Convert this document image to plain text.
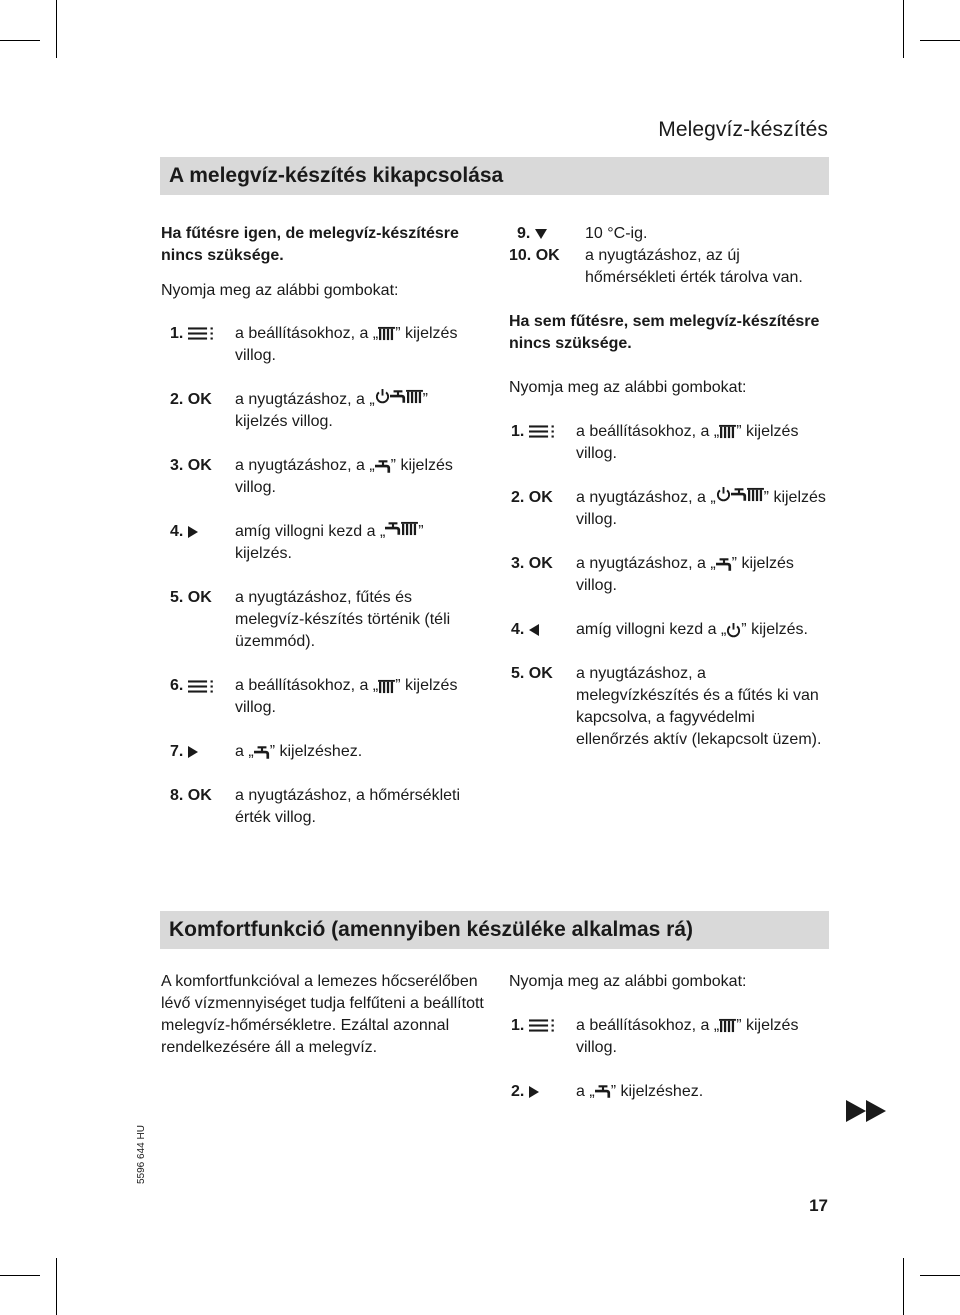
Melegvíz-készítés
A melegvíz-készítés kikapcsolása

Ha fűtésre igen, de melegvíz-készítésre nincs szüksége.

Nyomja meg az alábbi gombokat:

1.	a beállításokhoz, a „ ” kijelzés villog.
2. OK a nyugtázáshoz, a „	” kijelzés villog.
3. OK a nyugtázáshoz, a „ ” kijelzés villog.
4.	amíg villogni kezd a „ ” kijelzés.
5. OK a nyugtázáshoz, fűtés és melegvíz-készítés történik (téli üzemmód).
6.	a beállításokhoz, a „ ” kijelzés villog.
7.	a „ ” kijelzéshez.
8. OK a nyugtázáshoz, a hőmérsékleti érték villog.
9.	10 °C-ig.
10. OK a nyugtázáshoz, az új hőmérsékleti érték tárolva van.

Ha sem fűtésre, sem melegvíz-készítésre nincs szüksége.

Nyomja meg az alábbi gombokat:

1.	a beállításokhoz, a „ ” kijelzés villog.
2. OK a nyugtázáshoz, a „	” kijelzés villog.
3. OK a nyugtázáshoz, a „ ” kijelzés villog.
4.	amíg villogni kezd a „ ” kijelzés.
5. OK a nyugtázáshoz, a melegvízkészítés és a fűtés ki van kapcsolva, a fagyvédelmi ellenőrzés aktív (lekapcsolt üzem).
Komfortfunkció (amennyiben készüléke alkalmas rá)

A komfortfunkcióval a lemezes hőcserélőben lévő vízmennyiséget tudja felfűteni a beállított melegvíz-hőmérsékletre. Ezáltal azonnal rendelkezésére áll a melegvíz.

Nyomja meg az alábbi gombokat:

1.	a beállításokhoz, a „ ” kijelzés villog.
2.	a „ ” kijelzéshez.
5596 644 HU
17
